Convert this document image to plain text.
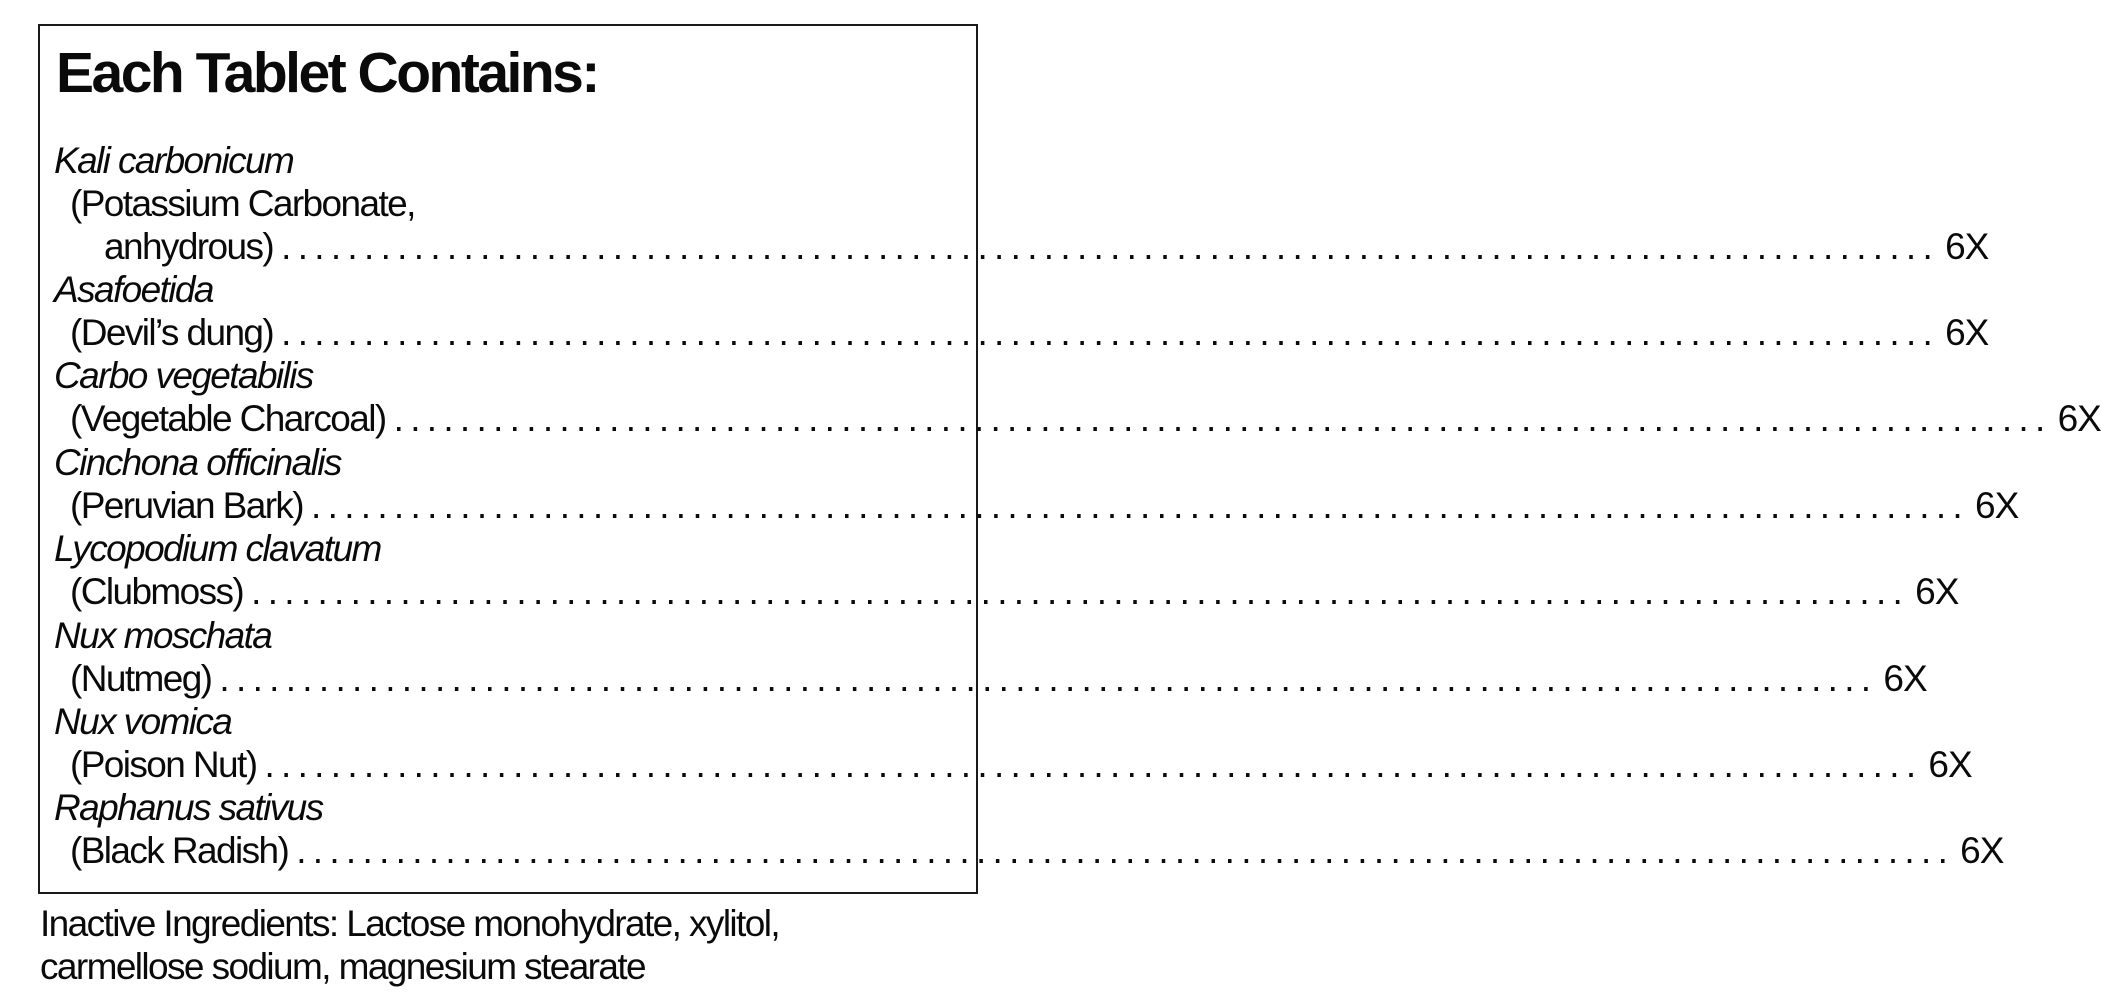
Each Tablet Contains:
Kali carbonicum
(Potassium Carbonate,
anhydrous) .................................................................................................... 6X
Asafoetida
(Devil’s dung) .................................................................................................... 6X
Carbo vegetabilis
(Vegetable Charcoal) .................................................................................................... 6X
Cinchona officinalis
(Peruvian Bark) .................................................................................................... 6X
Lycopodium clavatum
(Clubmoss) .................................................................................................... 6X
Nux moschata
(Nutmeg) .................................................................................................... 6X
Nux vomica
(Poison Nut) .................................................................................................... 6X
Raphanus sativus
(Black Radish) .................................................................................................... 6X
Inactive Ingredients: Lactose monohydrate, xylitol,
carmellose sodium, magnesium stearate
